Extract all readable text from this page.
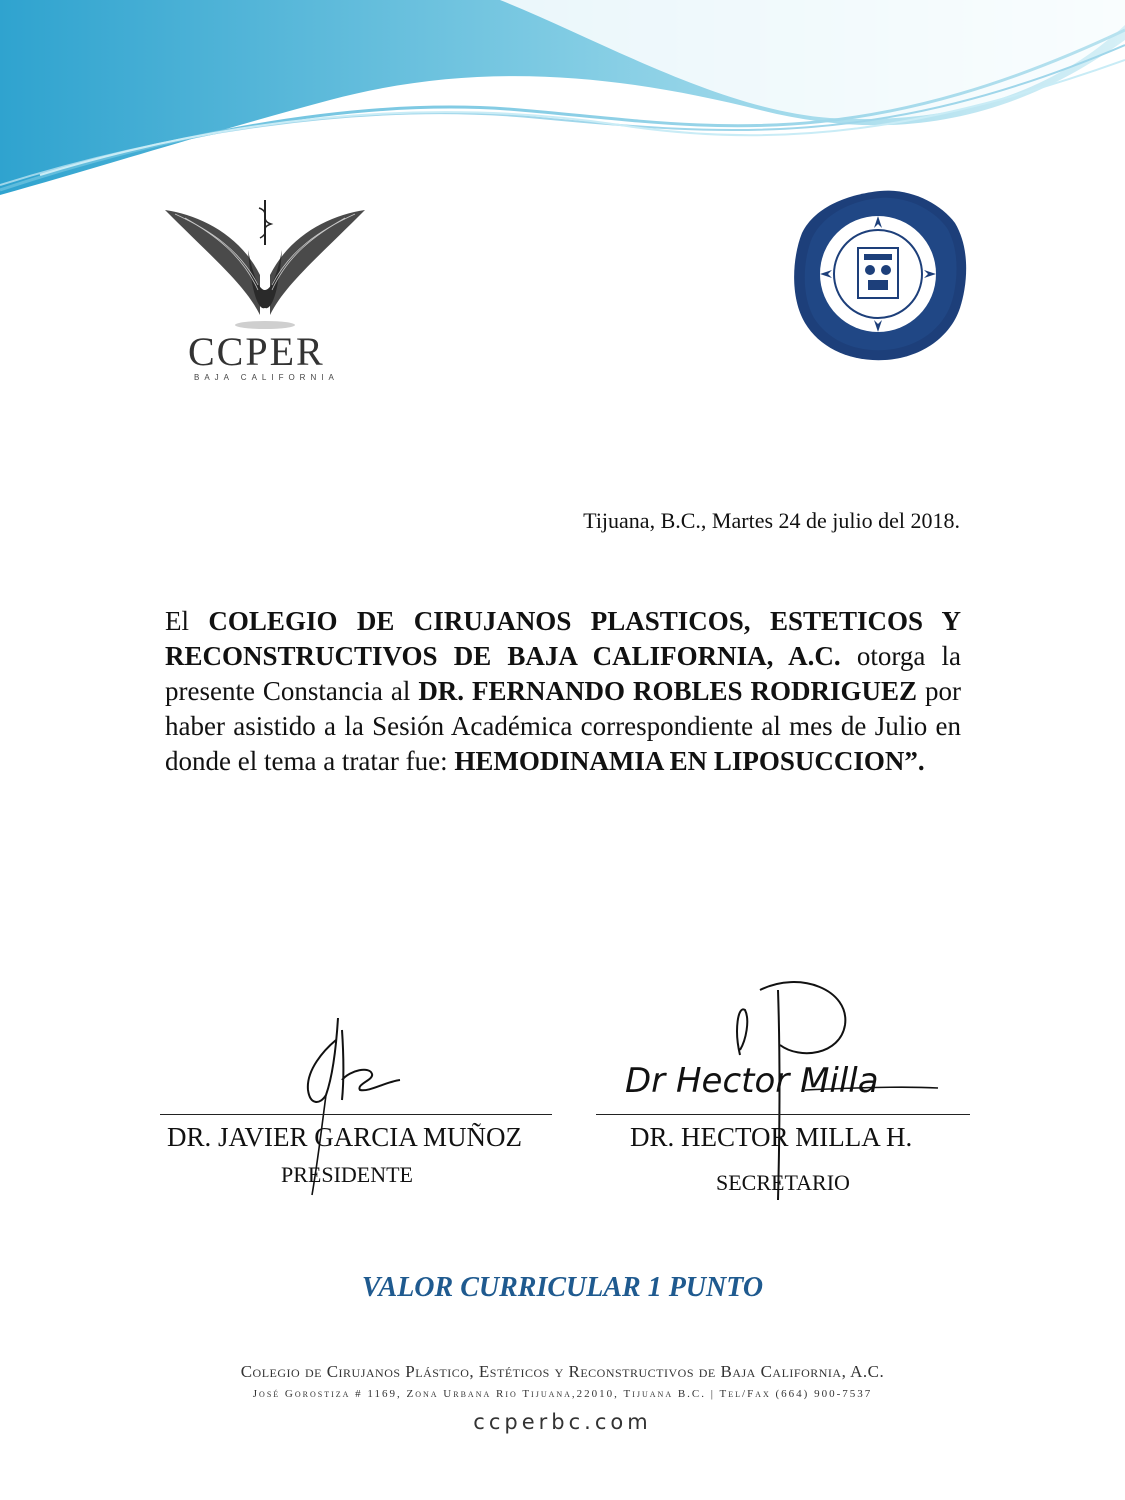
CCPER
BAJA CALIFORNIA
Tijuana, B.C., Martes 24 de julio del 2018.
El COLEGIO DE CIRUJANOS PLASTICOS, ESTETICOS Y RECONSTRUCTIVOS DE BAJA CALIFORNIA, A.C. otorga la presente Constancia al DR. FERNANDO ROBLES RODRIGUEZ por haber asistido a la Sesión Académica correspondiente al mes de Julio en donde el tema a tratar fue: HEMODINAMIA EN LIPOSUCCION”.
DR. JAVIER GARCIA MUÑOZ
PRESIDENTE
Dr Hector Milla
DR. HECTOR MILLA H.
SECRETARIO
VALOR CURRICULAR 1 PUNTO
Colegio de Cirujanos Plástico, Estéticos y Reconstructivos de Baja California, A.C.
José Gorostiza # 1169, Zona Urbana Rio Tijuana,22010, Tijuana B.C. | Tel/Fax (664) 900-7537
ccperbc.com
